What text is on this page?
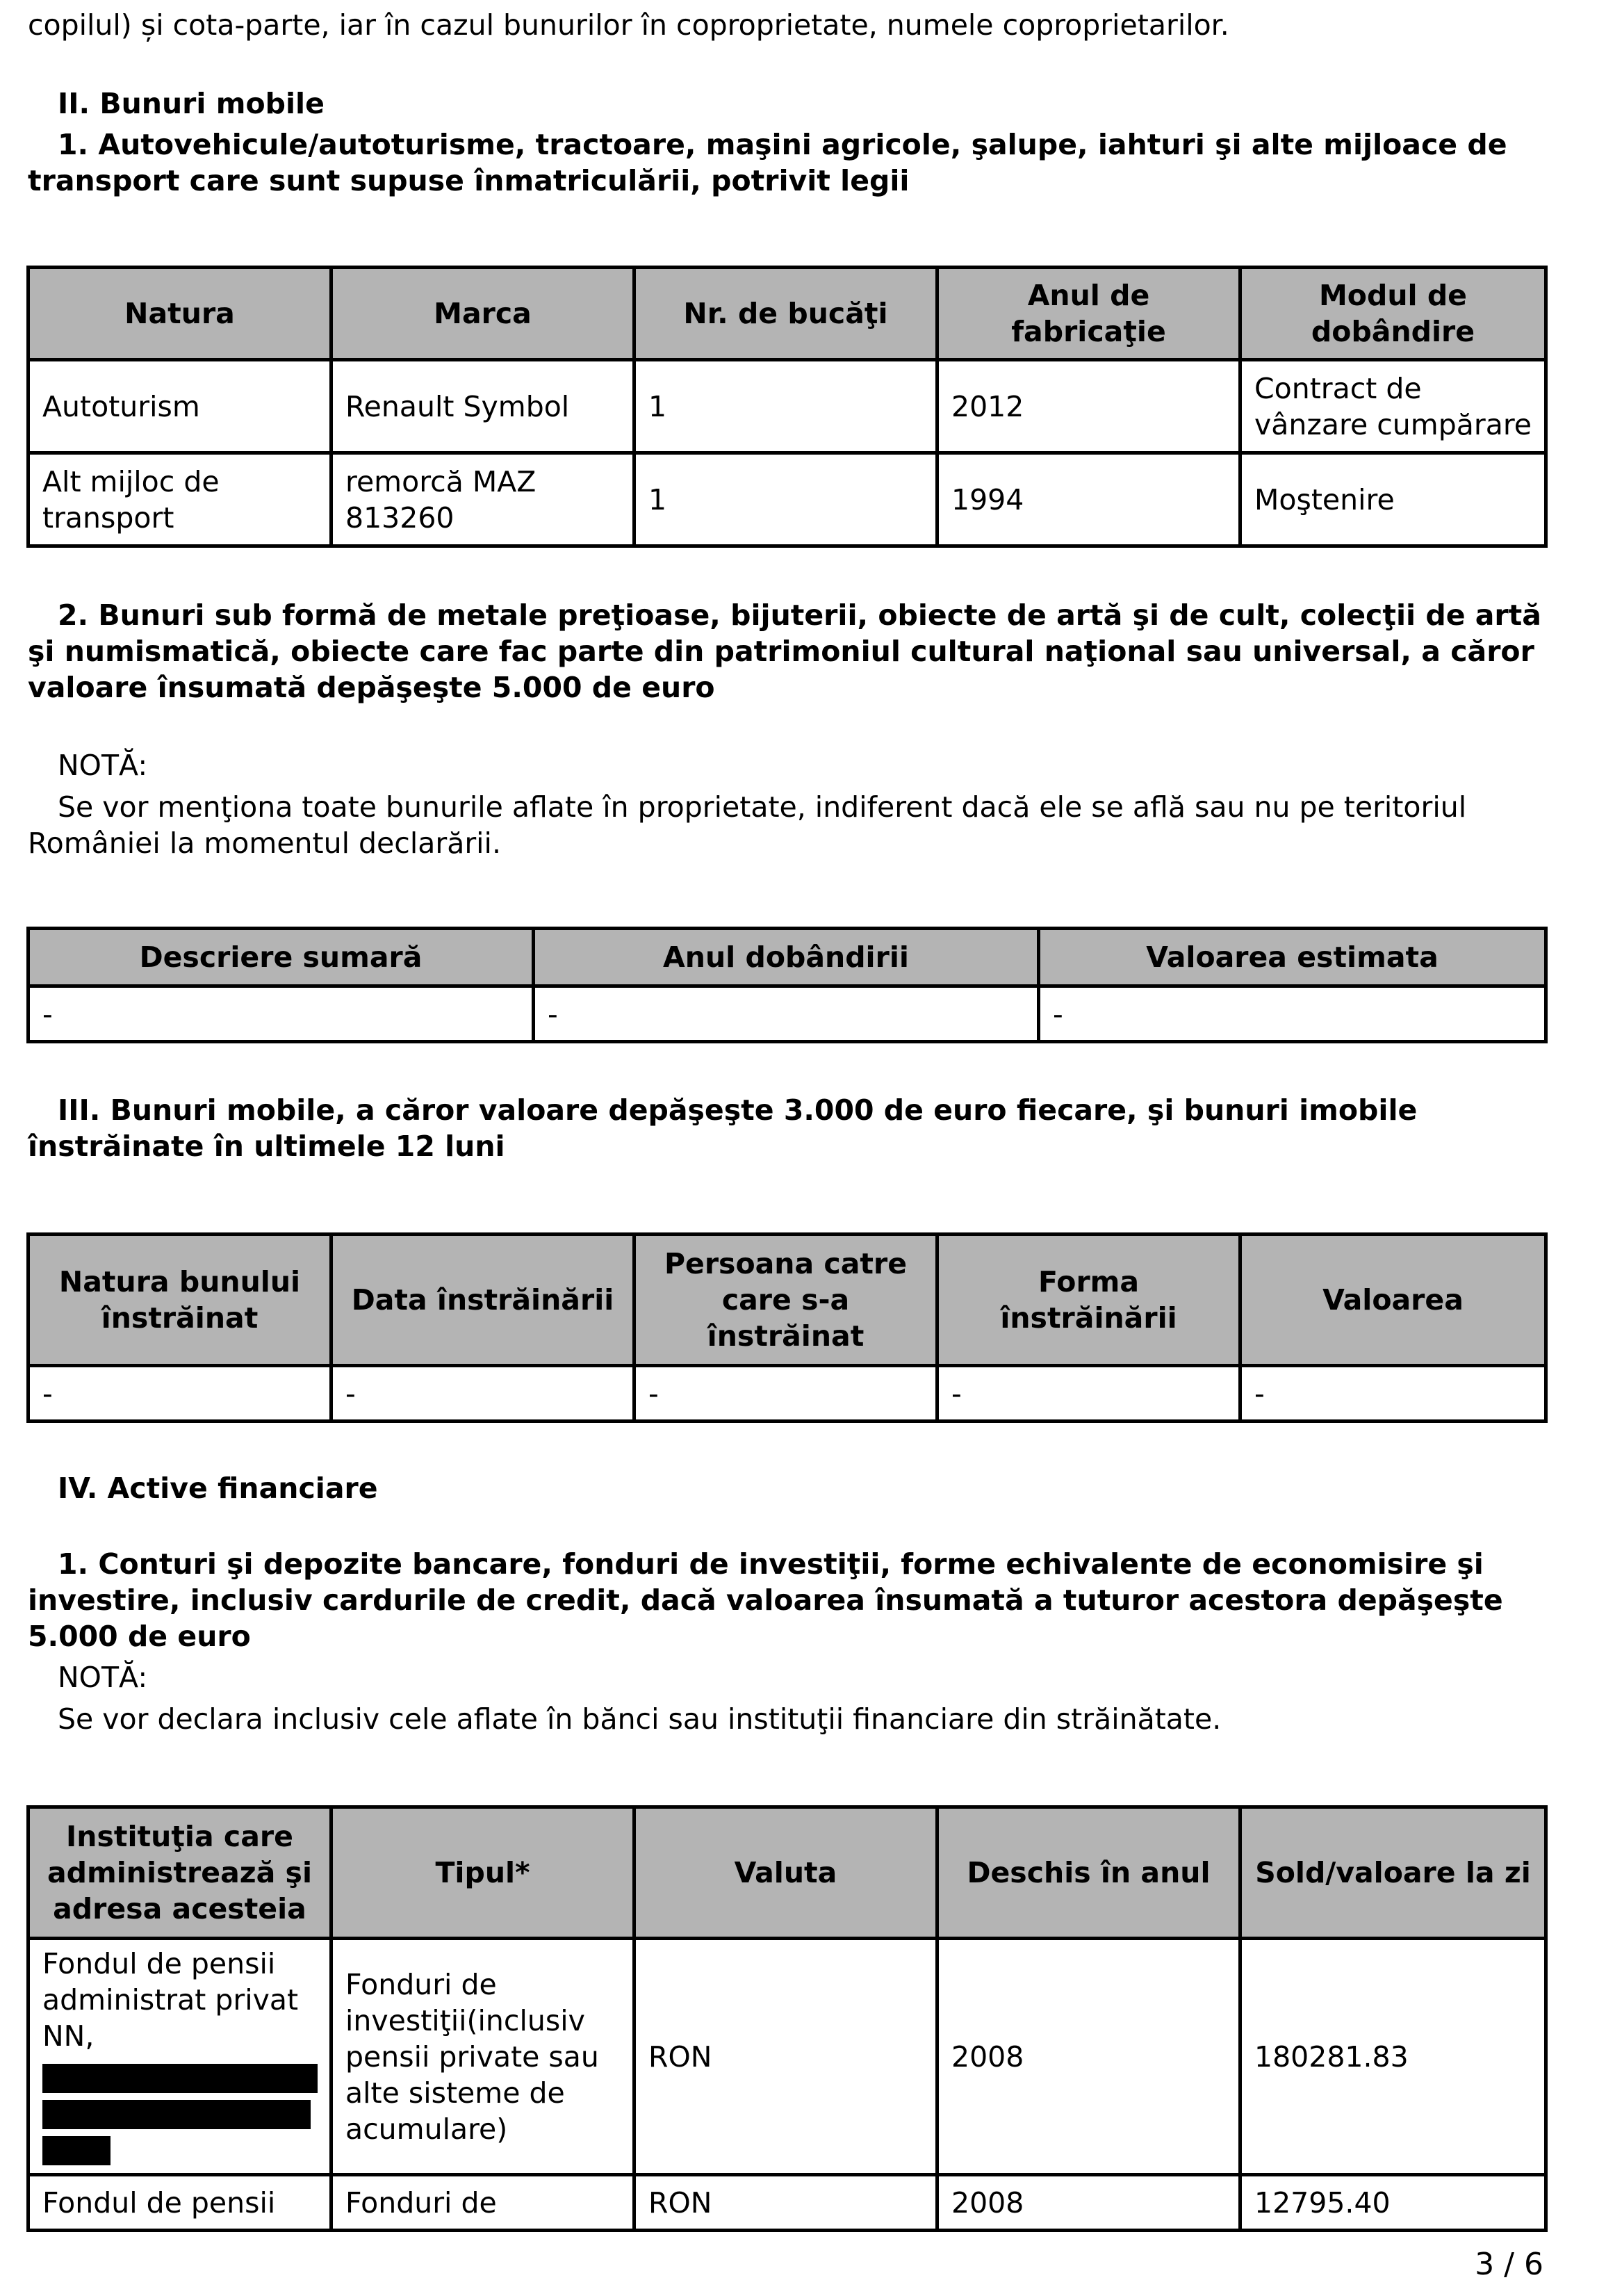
copilul) și cota-parte, iar în cazul bunurilor în coproprietate, numele coproprietarilor.

II. Bunuri mobile

1. Autovehicule/autoturisme, tractoare, maşini agricole, şalupe, iahturi şi alte mijloace de transport care sunt supuse înmatriculării, potrivit legii

Natura	Marca	Nr. de bucăţi	Anul de fabricaţie	Modul de dobândire
Autoturism	Renault Symbol	1	2012	Contract de vânzare cumpărare
Alt mijloc de transport	remorcă MAZ 813260	1	1994	Moştenire

2. Bunuri sub formă de metale preţioase, bijuterii, obiecte de artă şi de cult, colecţii de artă şi numismatică, obiecte care fac parte din patrimoniul cultural naţional sau universal, a căror valoare însumată depăşeşte 5.000 de euro

NOTĂ:

Se vor menţiona toate bunurile aflate în proprietate, indiferent dacă ele se află sau nu pe teritoriul României la momentul declarării.

Descriere sumară	Anul dobândirii	Valoarea estimata
-	-	-

III. Bunuri mobile, a căror valoare depăşeşte 3.000 de euro fiecare, şi bunuri imobile înstrăinate în ultimele 12 luni

Natura bunului înstrăinat	Data înstrăinării	Persoana catre care s-a înstrăinat	Forma înstrăinării	Valoarea
-	-	-	-	-

IV. Active financiare

1. Conturi şi depozite bancare, fonduri de investiţii, forme echivalente de economisire şi investire, inclusiv cardurile de credit, dacă valoarea însumată a tuturor acestora depăşeşte 5.000 de euro

NOTĂ:

Se vor declara inclusiv cele aflate în bănci sau instituţii financiare din străinătate.

Instituţia care administrează şi adresa acesteia	Tipul*	Valuta	Deschis în anul	Sold/valoare la zi
Fondul de pensii administrat privat NN,	Fonduri de investiţii(inclusiv pensii private sau alte sisteme de acumulare)	RON	2008	180281.83
Fondul de pensii	Fonduri de	RON	2008	12795.40
3 / 6
